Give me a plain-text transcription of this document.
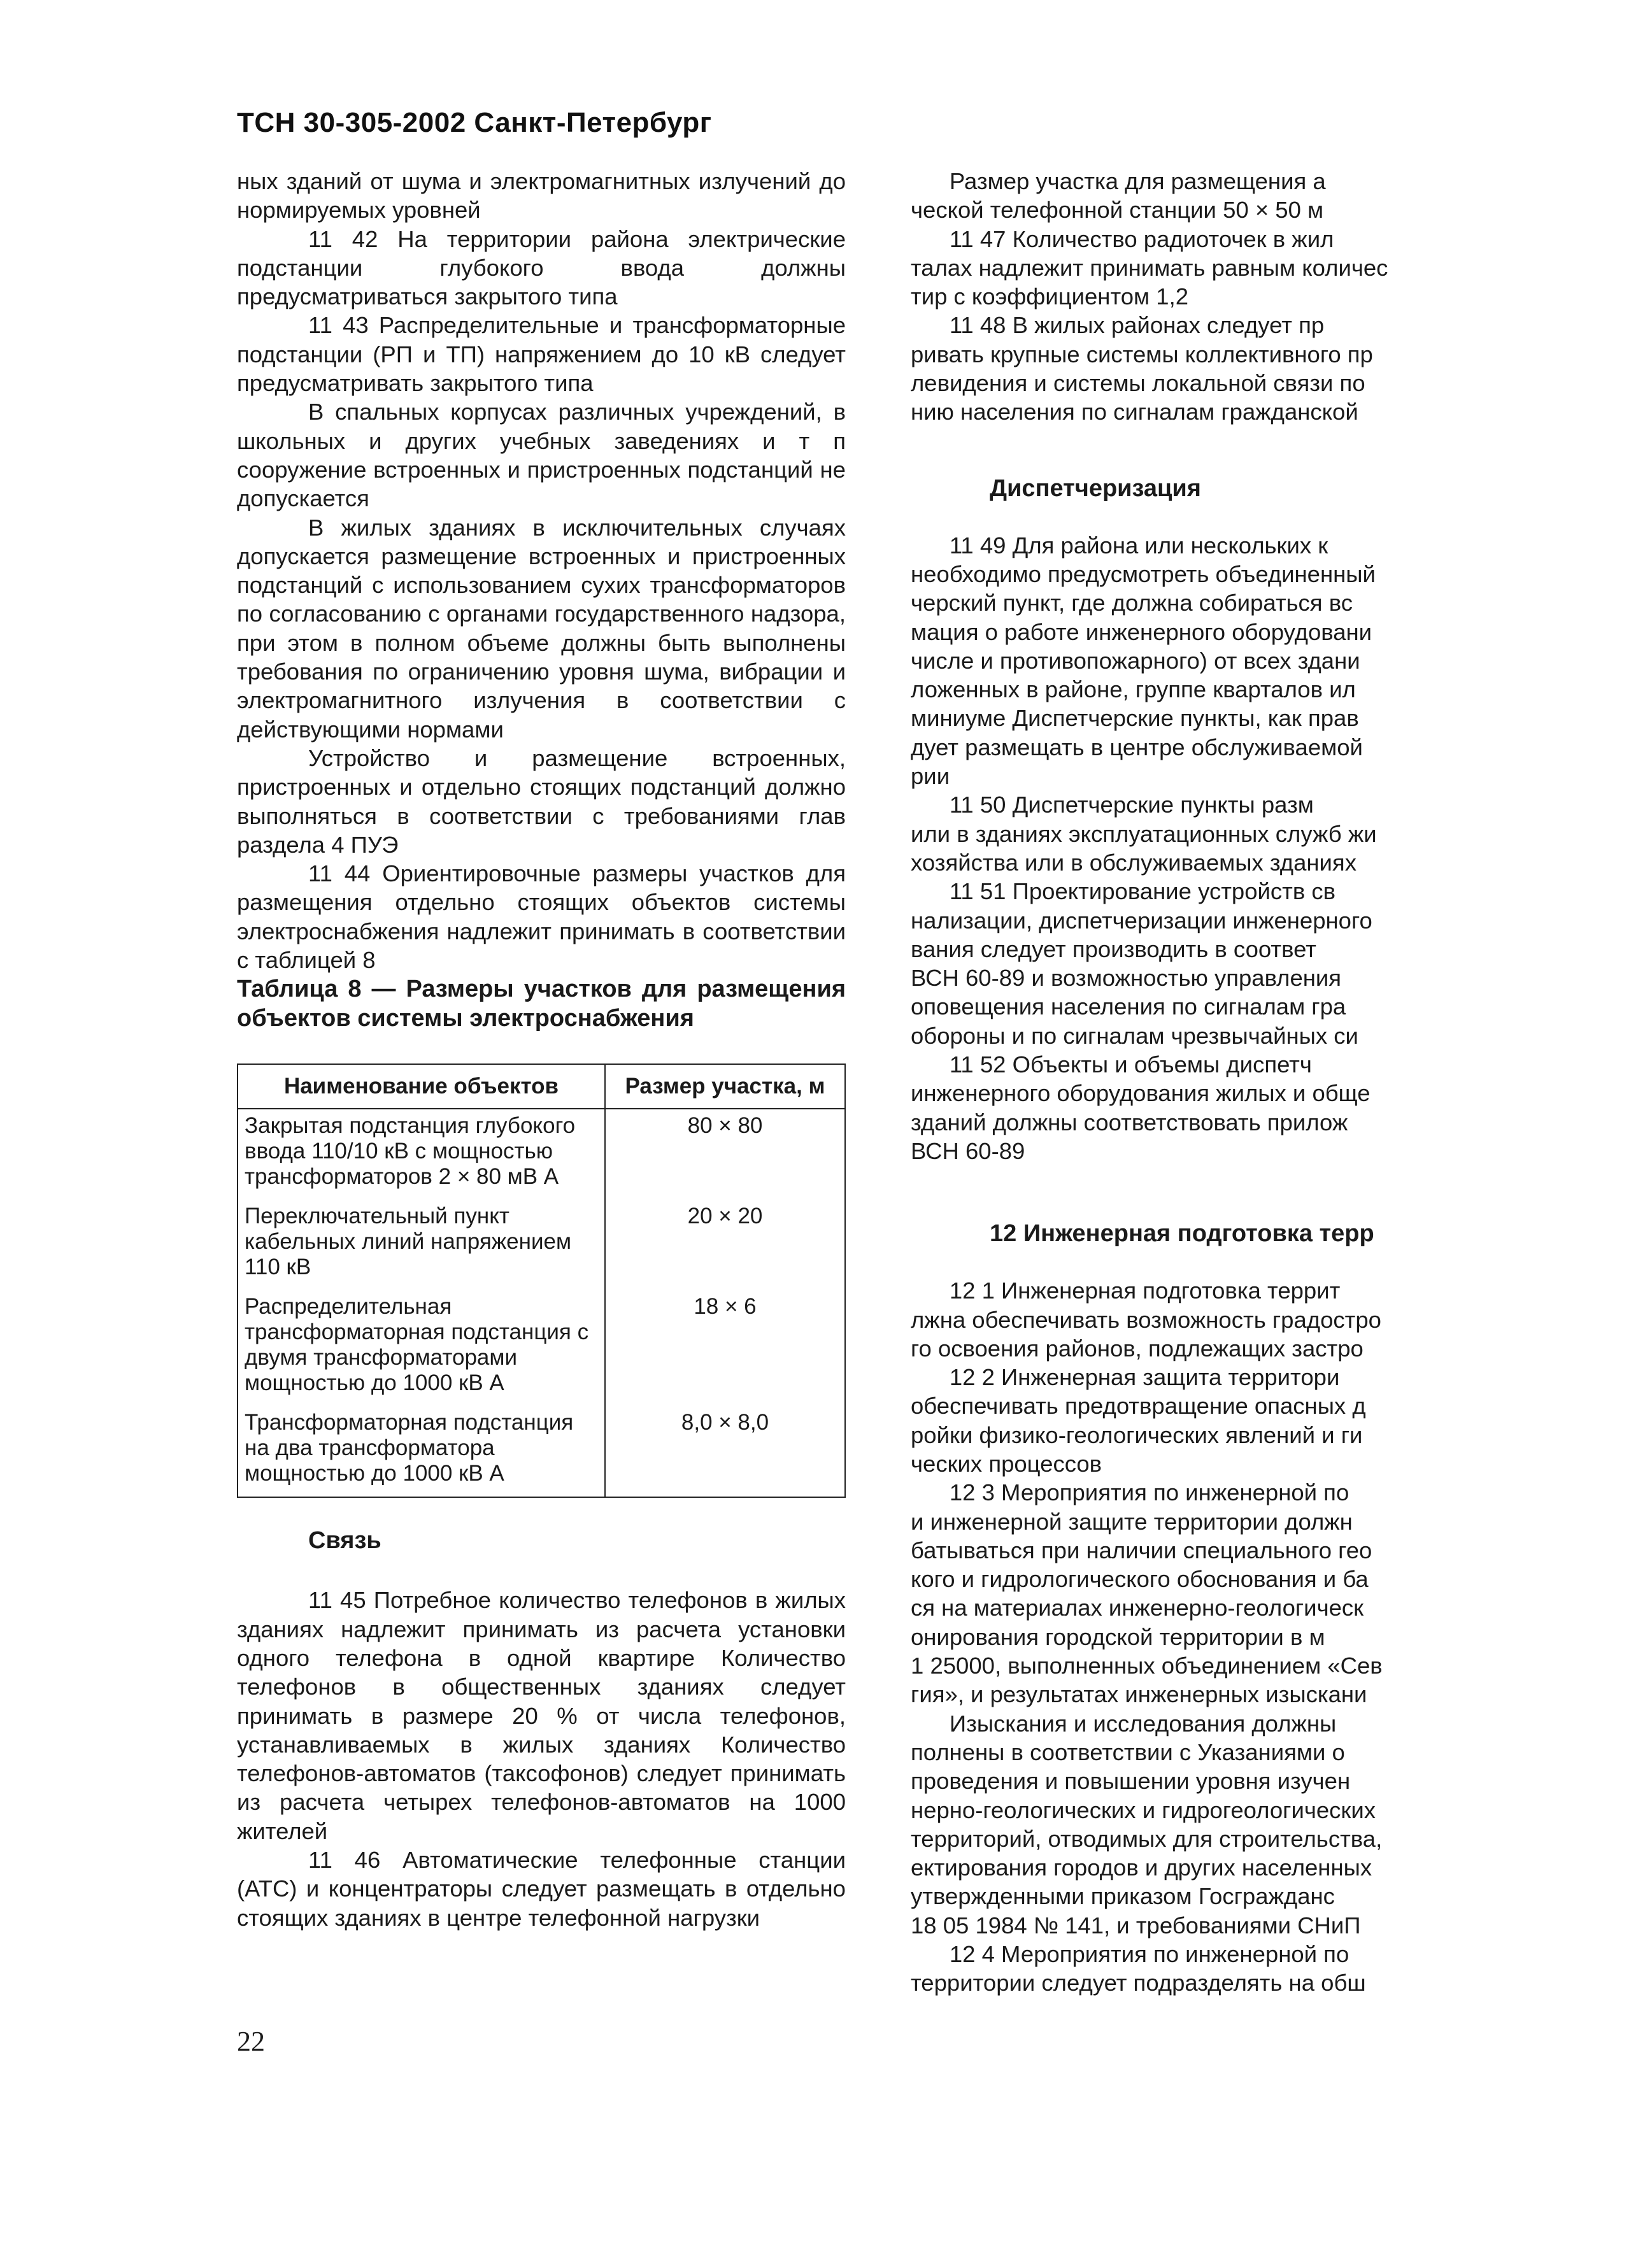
ТСН 30-305-2002 Санкт-Петербург

ных зданий от шума и электромагнитных излучений до нормируемых уровней

11 42 На территории района электрические подстанции глубокого ввода должны предусматриваться закрытого типа

11 43 Распределительные и трансформаторные подстанции (РП и ТП) напряжением до 10 кВ следует предусматривать закрытого типа

В спальных корпусах различных учреждений, в школьных и других учебных заведениях и т п сооружение встроенных и пристроенных подстанций не допускается

В жилых зданиях в исключительных случаях допускается размещение встроенных и пристроенных подстанций с использованием сухих трансформаторов по согласованию с органами государственного надзора, при этом в полном объеме должны быть выполнены требования по ограничению уровня шума, вибрации и электромагнитного излучения в соответствии с действующими нормами

Устройство и размещение встроенных, пристроенных и отдельно стоящих подстанций должно выполняться в соответствии с требованиями глав раздела 4 ПУЭ

11 44 Ориентировочные размеры участков для размещения отдельно стоящих объектов системы электроснабжения надлежит принимать в соответствии с таблицей 8

Таблица 8 — Размеры участков для размещения объектов системы электроснабжения

Наименование объектов	Размер участка, м
Закрытая подстанция глубокого ввода 110/10 кВ с мощностью трансформаторов 2 × 80 мВ А	80 × 80
Переключательный пункт кабельных линий напряжением 110 кВ	20 × 20
Распределительная трансформаторная подстанция с двумя трансформаторами мощностью до 1000 кВ А	18 × 6
Трансформаторная подстанция на два трансформатора мощностью до 1000 кВ А	8,0 × 8,0
Связь

11 45 Потребное количество телефонов в жилых зданиях надлежит принимать из расчета установки одного телефона в одной квартире Количество телефонов в общественных зданиях следует принимать в размере 20 % от числа телефонов, устанавливаемых в жилых зданиях Количество телефонов-автоматов (таксофонов) следует принимать из расчета четырех телефонов-автоматов на 1000 жителей

11 46 Автоматические телефонные станции (АТС) и концентраторы следует размещать в отдельно стоящих зданиях в центре телефонной нагрузки

Размер участка для размещения а

ческой телефонной станции 50 × 50 м

11 47 Количество радиоточек в жил

талах надлежит принимать равным количес

тир с коэффициентом 1,2

11 48 В жилых районах следует пр

ривать крупные системы коллективного пр

левидения и системы локальной связи по

нию населения по сигналам гражданской

Диспетчеризация

11 49 Для района или нескольких к

необходимо предусмотреть объединенный

черский пункт, где должна собираться вс

мация о работе инженерного оборудовани

числе и противопожарного) от всех здани

ложенных в районе, группе кварталов ил

миниуме Диспетчерские пункты, как прав

дует размещать в центре обслуживаемой

рии

11 50 Диспетчерские пункты разм

или в зданиях эксплуатационных служб жи

хозяйства или в обслуживаемых зданиях

11 51 Проектирование устройств св

нализации, диспетчеризации инженерного

вания следует производить в соответ

ВСН 60-89 и возможностью управления

оповещения населения по сигналам гра

обороны и по сигналам чрезвычайных си

11 52 Объекты и объемы диспетч

инженерного оборудования жилых и обще

зданий должны соответствовать прилож

ВСН 60-89

12 Инженерная подготовка терр

12 1 Инженерная подготовка террит

лжна обеспечивать возможность градостро

го освоения районов, подлежащих застро

12 2 Инженерная защита территори

обеспечивать предотвращение опасных д

ройки физико-геологических явлений и ги

ческих процессов

12 3 Мероприятия по инженерной по

и инженерной защите территории должн

батываться при наличии специального гео

кого и гидрологического обоснования и ба

ся на материалах инженерно-геологическ

онирования городской территории в м

1 25000, выполненных объединением «Сев

гия», и результатах инженерных изыскани

Изыскания и исследования должны

полнены в соответствии с Указаниями о

проведения и повышении уровня изучен

нерно-геологических и гидрогеологических

территорий, отводимых для строительства,

ектирования городов и других населенных

утвержденными приказом Госгражданс

18 05 1984 № 141, и требованиями СНиП

12 4 Мероприятия по инженерной по

территории следует подразделять на обш

22
